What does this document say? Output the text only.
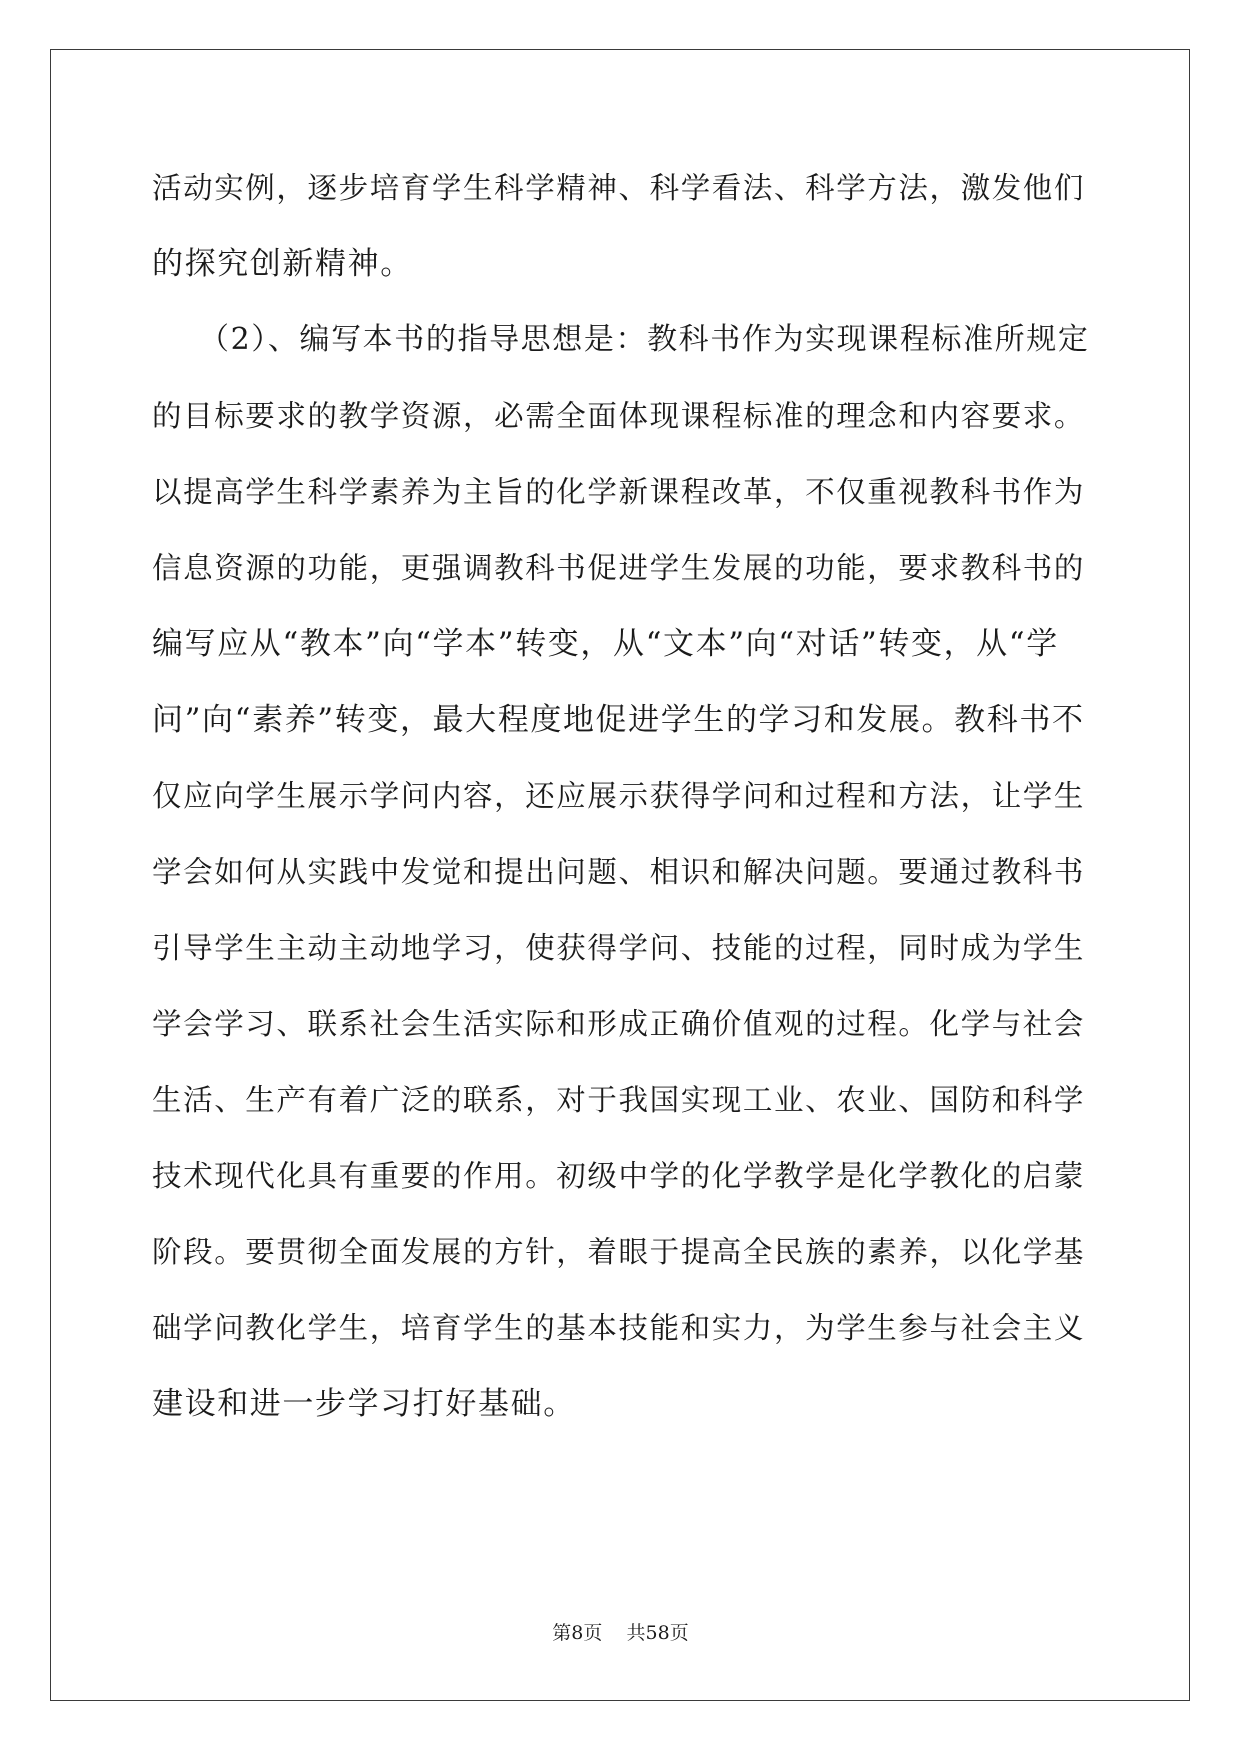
活动实例，逐步培育学生科学精神、科学看法、科学方法，激发他们
的探究创新精神。
（2）、编写本书的指导思想是：教科书作为实现课程标准所规定
的目标要求的教学资源，必需全面体现课程标准的理念和内容要求。
以提高学生科学素养为主旨的化学新课程改革，不仅重视教科书作为
信息资源的功能，更强调教科书促进学生发展的功能，要求教科书的
编写应从“教本”向“学本”转变，从“文本”向“对话”转变，从“学
问”向“素养”转变，最大程度地促进学生的学习和发展。教科书不
仅应向学生展示学问内容，还应展示获得学问和过程和方法，让学生
学会如何从实践中发觉和提出问题、相识和解决问题。要通过教科书
引导学生主动主动地学习，使获得学问、技能的过程，同时成为学生
学会学习、联系社会生活实际和形成正确价值观的过程。化学与社会
生活、生产有着广泛的联系，对于我国实现工业、农业、国防和科学
技术现代化具有重要的作用。初级中学的化学教学是化学教化的启蒙
阶段。要贯彻全面发展的方针，着眼于提高全民族的素养，以化学基
础学问教化学生，培育学生的基本技能和实力，为学生参与社会主义
建设和进一步学习打好基础。
第8页 共58页
